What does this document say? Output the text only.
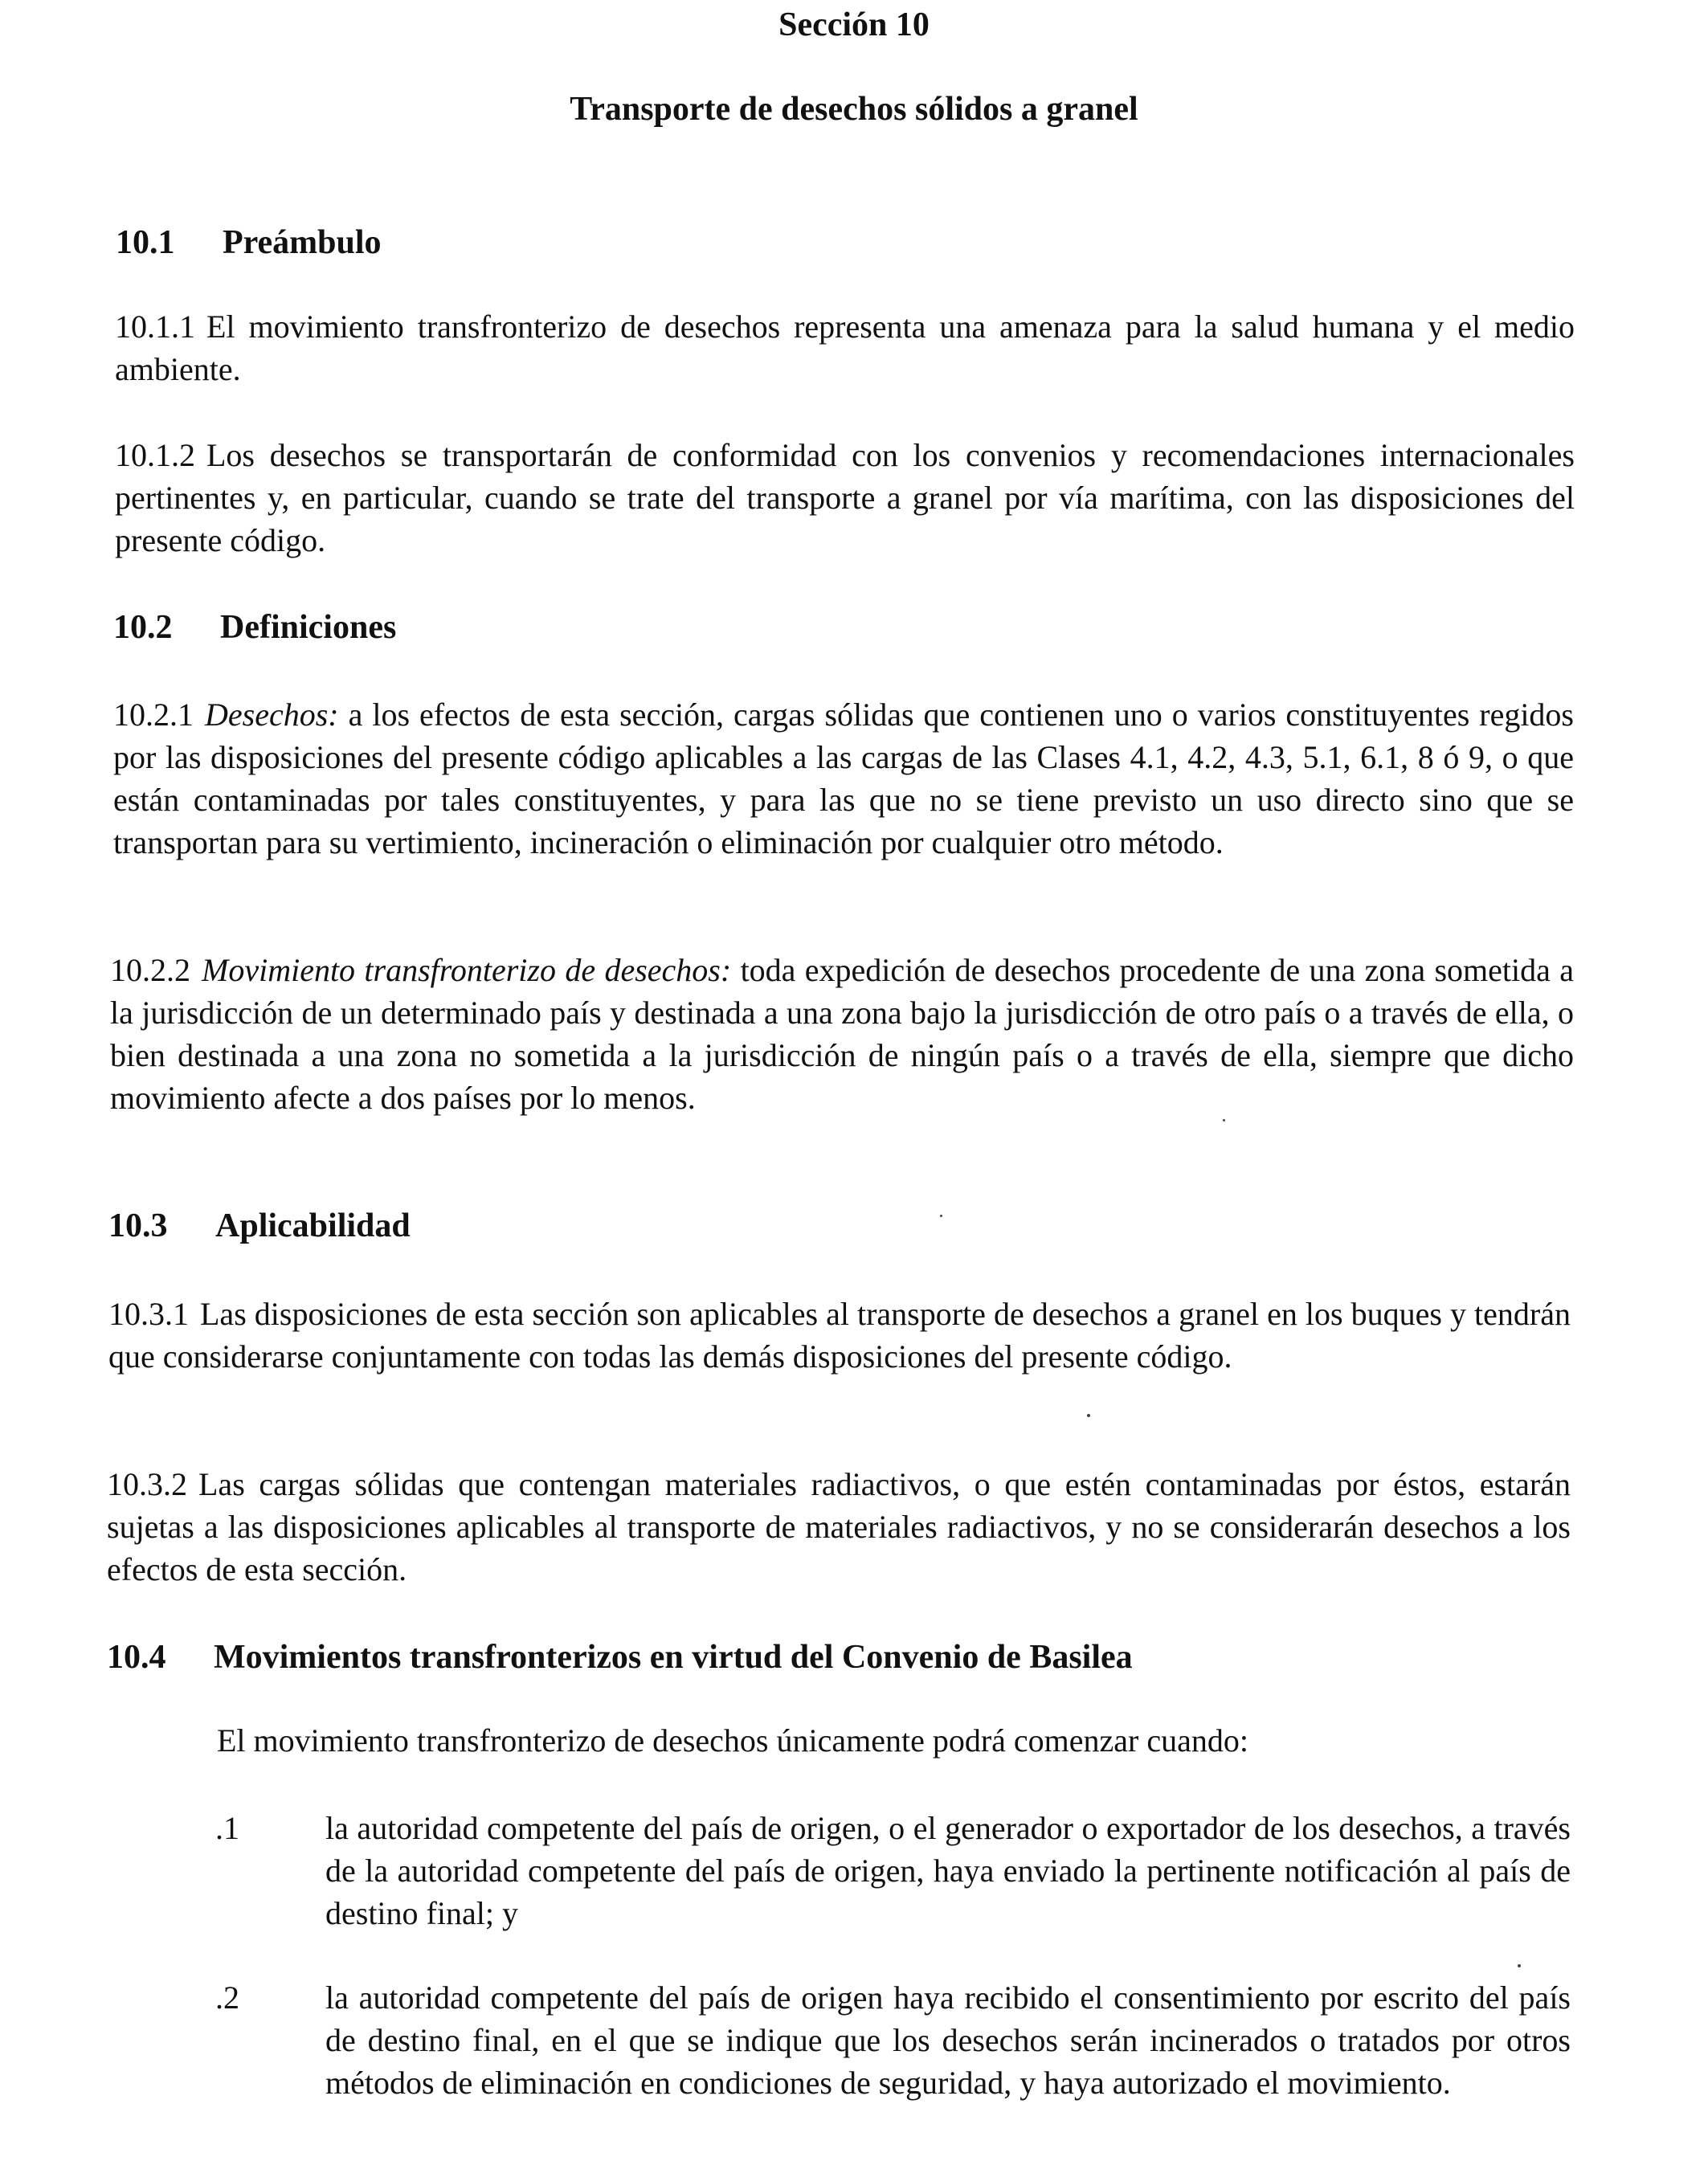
Sección 10
Transporte de desechos sólidos a granel
10.1 Preámbulo
10.1.1 El movimiento transfronterizo de desechos representa una amenaza para la salud humana y el medio ambiente.
10.1.2 Los desechos se transportarán de conformidad con los convenios y recomendaciones internacionales pertinentes y, en particular, cuando se trate del transporte a granel por vía marítima, con las disposiciones del presente código.
10.2 Definiciones
10.2.1 Desechos: a los efectos de esta sección, cargas sólidas que contienen uno o varios constituyentes regidos por las disposiciones del presente código aplicables a las cargas de las Clases 4.1, 4.2, 4.3, 5.1, 6.1, 8 ó 9, o que están contaminadas por tales constituyentes, y para las que no se tiene previsto un uso directo sino que se transportan para su vertimiento, incineración o eliminación por cualquier otro método.
10.2.2 Movimiento transfronterizo de desechos: toda expedición de desechos procedente de una zona sometida a la jurisdicción de un determinado país y destinada a una zona bajo la jurisdicción de otro país o a través de ella, o bien destinada a una zona no sometida a la jurisdicción de ningún país o a través de ella, siempre que dicho movimiento afecte a dos países por lo menos.
10.3 Aplicabilidad
10.3.1 Las disposiciones de esta sección son aplicables al transporte de desechos a granel en los buques y tendrán que considerarse conjuntamente con todas las demás disposiciones del presente código.
10.3.2 Las cargas sólidas que contengan materiales radiactivos, o que estén contaminadas por éstos, estarán sujetas a las disposiciones aplicables al transporte de materiales radiactivos, y no se considerarán desechos a los efectos de esta sección.
10.4 Movimientos transfronterizos en virtud del Convenio de Basilea
El movimiento transfronterizo de desechos únicamente podrá comenzar cuando:
.1	la autoridad competente del país de origen, o el generador o exportador de los desechos, a través de la autoridad competente del país de origen, haya enviado la pertinente notificación al país de destino final; y
.2	la autoridad competente del país de origen haya recibido el consentimiento por escrito del país de destino final, en el que se indique que los desechos serán incinerados o tratados por otros métodos de eliminación en condiciones de seguridad, y haya autorizado el movimiento.
